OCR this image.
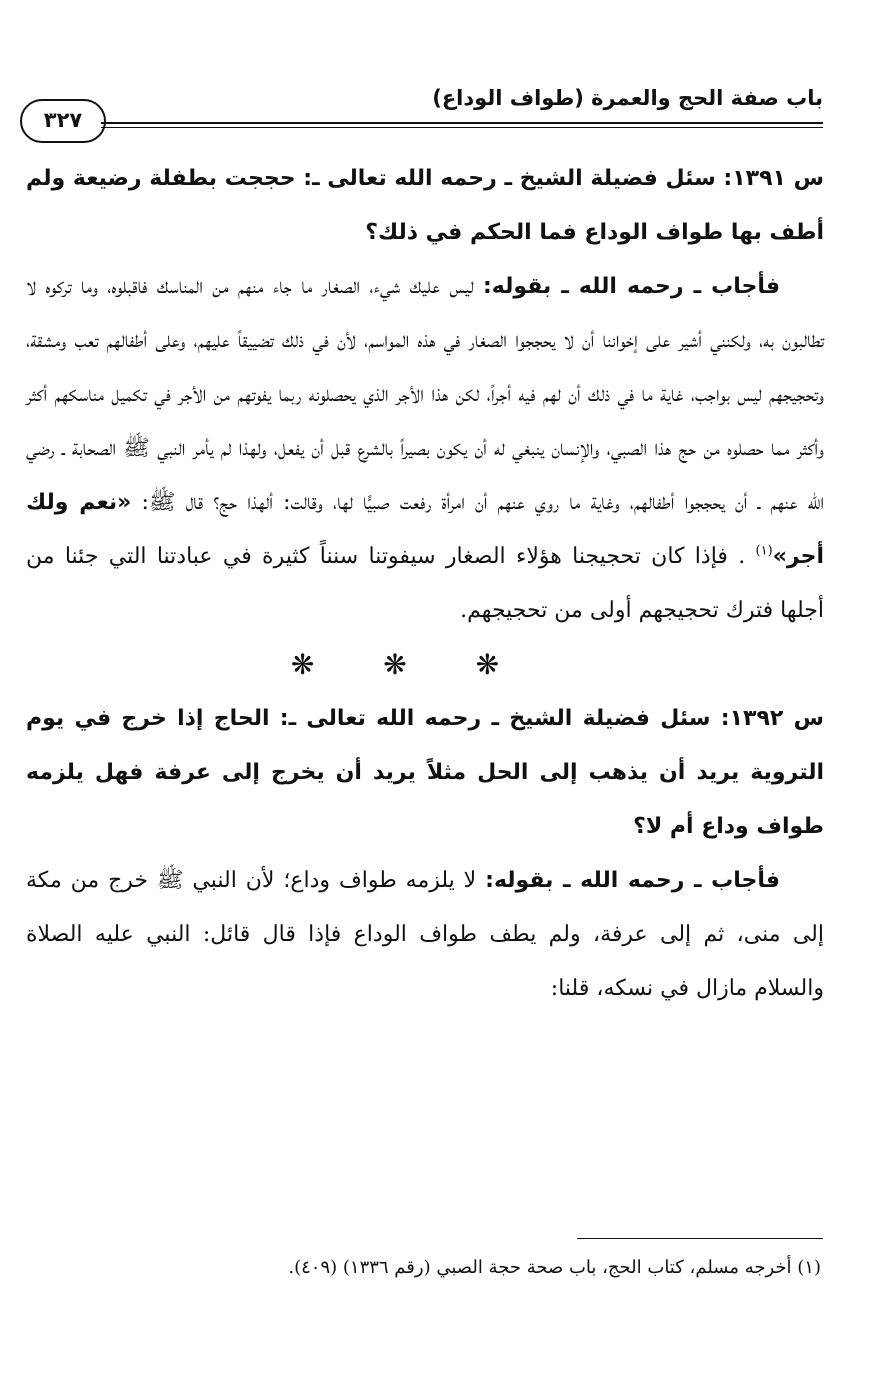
باب صفة الحج والعمرة (طواف الوداع)
٣٢٧

س ١٣٩١: سئل فضيلة الشيخ ـ رحمه الله تعالى ـ: حججت بطفلة رضيعة ولم أطف بها طواف الوداع فما الحكم في ذلك؟

فأجاب ـ رحمه الله ـ بقوله: ليس عليك شيء، الصغار ما جاء منهم من المناسك فاقبلوه، وما تركوه لا تطالبون به، ولكنني أشير على إخواننا أن لا يحججوا الصغار في هذه المواسم، لأن في ذلك تضييقاً عليهم، وعلى أطفالهم تعب ومشقة، وتحجيجهم ليس بواجب، غاية ما في ذلك أن لهم فيه أجراً، لكن هذا الأجر الذي يحصلونه ربما يفوتهم من الأجر في تكميل مناسكهم أكثر وأكثر مما حصلوه من حج هذا الصبي، والإنسان ينبغي له أن يكون بصيراً بالشرع قبل أن يفعل، ولهذا لم يأمر النبي ﷺ الصحابة ـ رضي الله عنهم ـ أن يحججوا أطفالهم، وغاية ما روي عنهم أن امرأة رفعت صبيًّا لها، وقالت: ألهذا حج؟ قال ﷺ: «نعم ولك أجر»$^{(١)}$ . فإذا كان تحجيجنا هؤلاء الصغار سيفوتنا سنناً كثيرة في عبادتنا التي جئنا من أجلها فترك تحجيجهم أولى من تحجيجهم.

❋ ❋ ❋

س ١٣٩٢: سئل فضيلة الشيخ ـ رحمه الله تعالى ـ: الحاج إذا خرج في يوم التروية يريد أن يذهب إلى الحل مثلاً يريد أن يخرج إلى عرفة فهل يلزمه طواف وداع أم لا؟

فأجاب ـ رحمه الله ـ بقوله: لا يلزمه طواف وداع؛ لأن النبي ﷺ خرج من مكة إلى منى، ثم إلى عرفة، ولم يطف طواف الوداع فإذا قال قائل: النبي عليه الصلاة والسلام مازال في نسكه، قلنا:

(١) أخرجه مسلم، كتاب الحج، باب صحة حجة الصبي (رقم ١٣٣٦) (٤٠٩).
